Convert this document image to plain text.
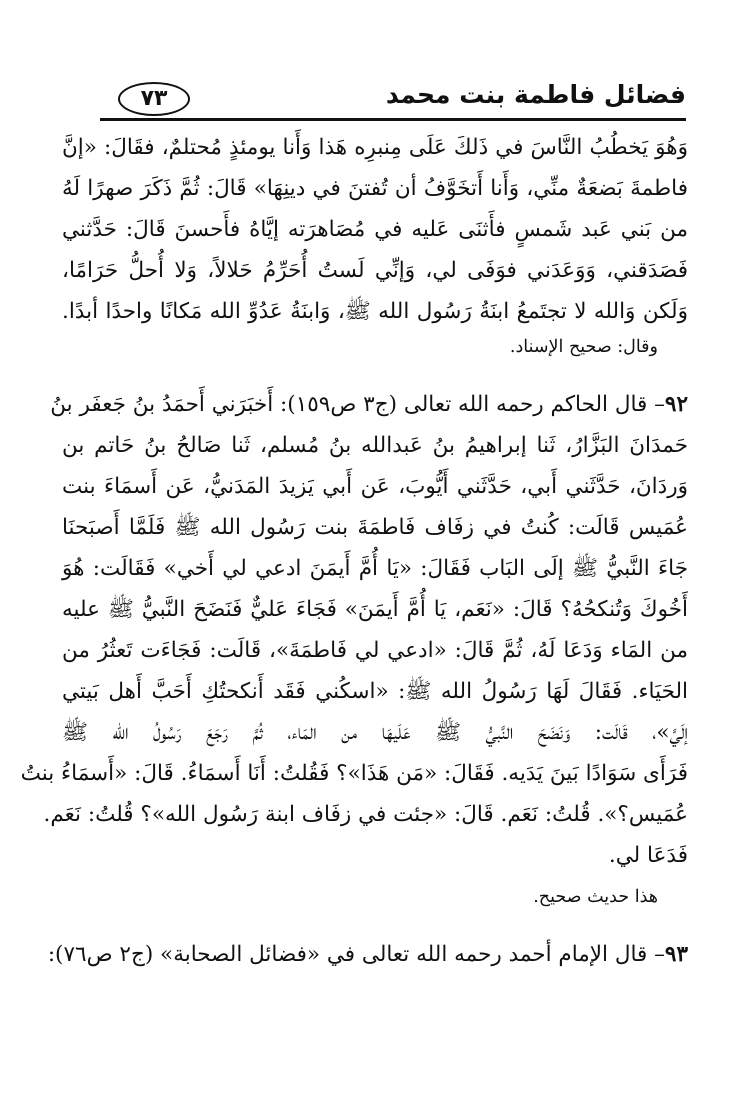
فضائل فاطمة بنت محمد
٧٣
وَهُوَ يَخطُبُ النَّاسَ في ذَلكَ عَلَى مِنبرِه هَذا وَأَنا يومئذٍ مُحتلمٌ، فقَالَ: «إنَّ
فاطمةَ بَضعَةٌ منِّي، وَأَنا أَتخَوَّفُ أن تُفتنَ في دينِهَا» قَالَ: ثُمَّ ذَكَرَ صهرًا لَهُ
من بَني عَبد شَمسٍ فأَثنَى عَليه في مُصَاهرَته إيَّاهُ فأَحسنَ قَالَ: حَدَّثني
فَصَدَقني، وَوَعَدَني فوَفَى لي، وَإنِّي لَستُ أُحَرِّمُ حَلالاً، وَلا أُحلُّ حَرَامًا،
وَلَكن وَالله لا تجتَمعُ ابنَةُ رَسُول الله ﷺ، وَابنَةُ عَدُوِّ الله مَكانًا واحدًا أبدًا.
وقال: صحيح الإسناد.
٩٢– قال الحاكم رحمه الله تعالى (ج٣ ص١٥٩): أَخبَرَني أَحمَدُ بنُ جَعفَر بنُ
حَمدَانَ البَزَّارُ، ثَنا إبراهيمُ بنُ عَبدالله بنُ مُسلم، ثَنا صَالحُ بنُ حَاتم بن
وَردَانَ، حَدَّثَني أَبي، حَدَّثَني أَيُّوبَ، عَن أَبي يَزيدَ المَدَنيُّ، عَن أَسمَاءَ بنت
عُمَيس قَالَت: كُنتُ في زفَاف فَاطمَةَ بنت رَسُول الله ﷺ فَلَمَّا أَصبَحنَا
جَاءَ النَّبيُّ ﷺ إلَى البَاب فَقَالَ: «يَا أُمَّ أَيمَنَ ادعي لي أَخي» فَقَالَت: هُوَ
أَخُوكَ وَتُنكحُهُ؟ قَالَ: «نَعَم، يَا أُمَّ أَيمَنَ» فَجَاءَ عَليٌّ فَنَضَحَ النَّبيُّ ﷺ عليه
من المَاء وَدَعَا لَهُ، ثُمَّ قَالَ: «ادعي لي فَاطمَةَ»، قَالَت: فَجَاءَت تَعثُرُ من
الحَيَاء. فَقَالَ لَهَا رَسُولُ الله ﷺ: «اسكُني فَقَد أَنكحتُكِ أَحَبَّ أَهل بَيتي
إلَيَّ»، قَالَت: وَنَضَحَ النَّبيُّ ﷺ عَلَيهَا من المَاء، ثُمَّ رَجَعَ رَسُولُ الله ﷺ
فَرَأَى سَوَادًا بَينَ يَدَيه. فَقَالَ: «مَن هَذَا»؟ فَقُلتُ: أَنَا أَسمَاءُ. قَالَ: «أَسمَاءُ بنتُ
عُمَيس؟». قُلتُ: نَعَم. قَالَ: «جئت في زفَاف ابنة رَسُول الله»؟ قُلتُ: نَعَم.
فَدَعَا لي.
هذا حديث صحيح.
٩٣– قال الإمام أحمد رحمه الله تعالى في «فضائل الصحابة» (ج٢ ص٧٦):
